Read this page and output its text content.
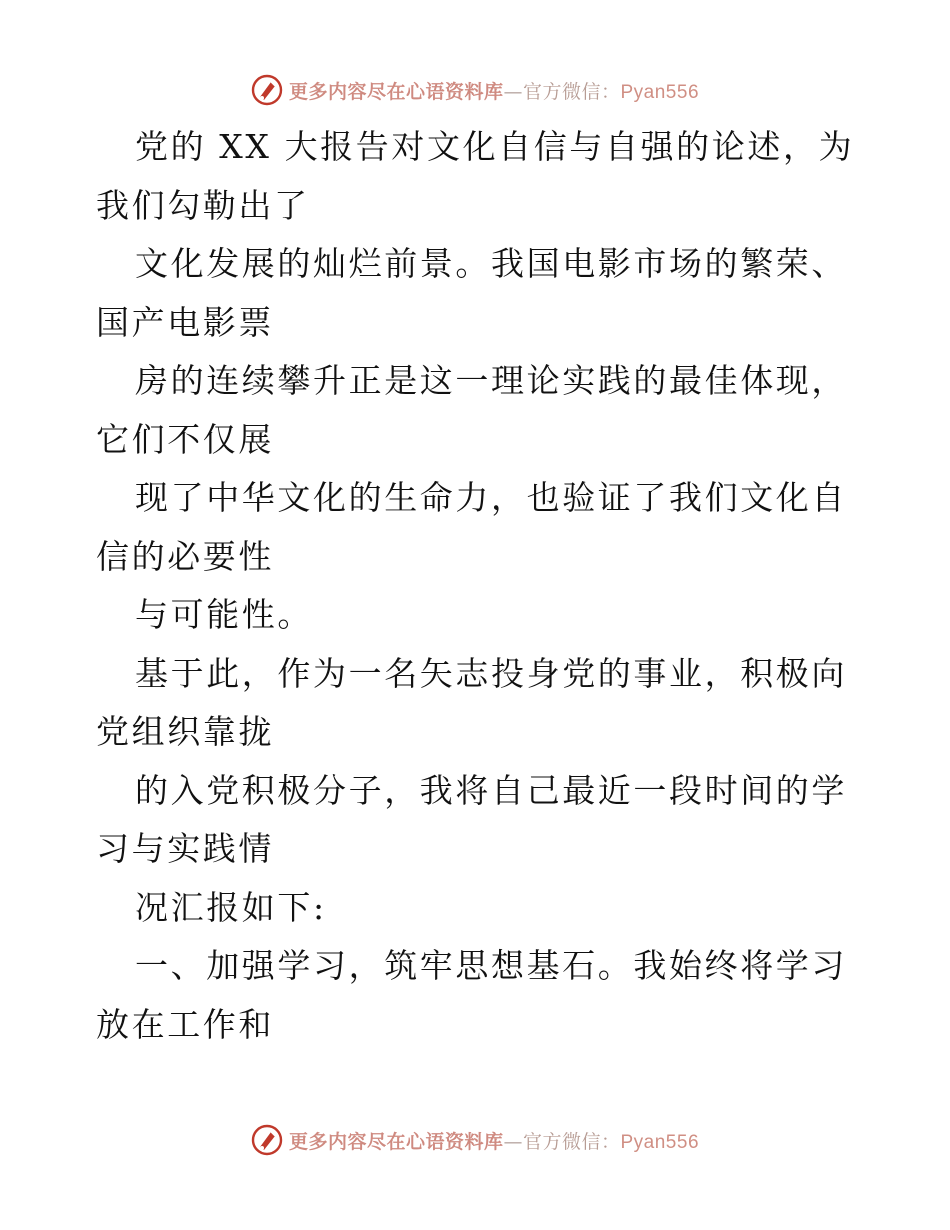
更多内容尽在心语资料库—官方微信：Pyan556

党的 XX 大报告对文化自信与自强的论述，为我们勾勒出了

文化发展的灿烂前景。我国电影市场的繁荣、国产电影票

房的连续攀升正是这一理论实践的最佳体现，它们不仅展

现了中华文化的生命力，也验证了我们文化自信的必要性

与可能性。

基于此，作为一名矢志投身党的事业，积极向党组织靠拢

的入党积极分子，我将自己最近一段时间的学习与实践情

况汇报如下:

一、加强学习，筑牢思想基石。我始终将学习放在工作和

更多内容尽在心语资料库—官方微信：Pyan556
